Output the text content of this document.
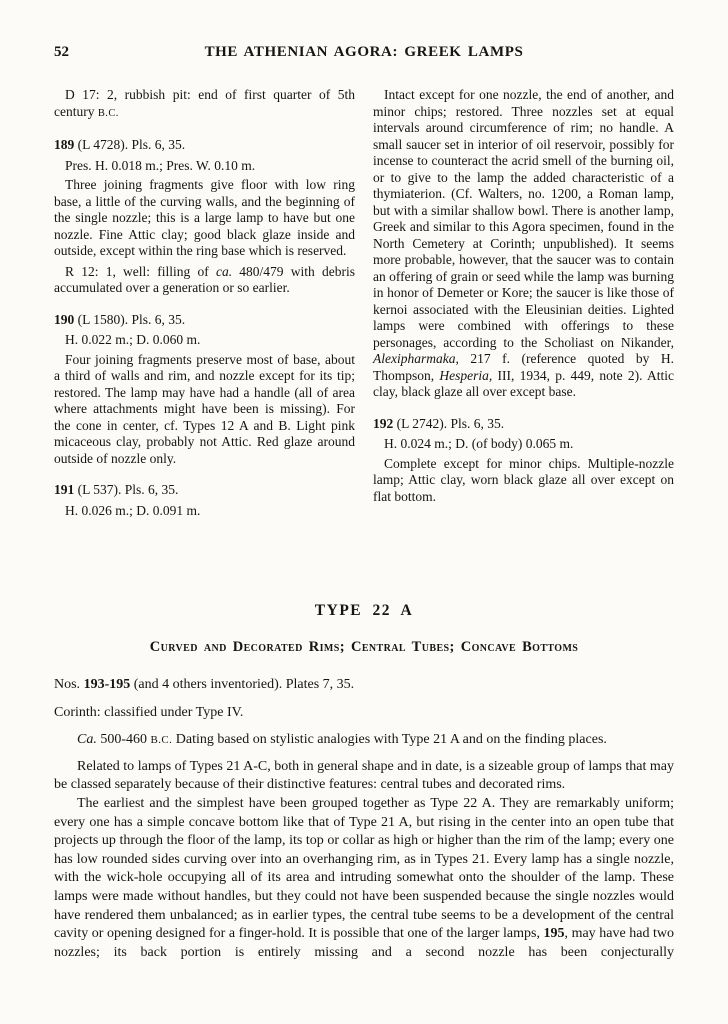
52	THE ATHENIAN AGORA: GREEK LAMPS

D 17: 2, rubbish pit: end of first quarter of 5th century B.C.

189 (L 4728). Pls. 6, 35.

Pres. H. 0.018 m.; Pres. W. 0.10 m.

Three joining fragments give floor with low ring base, a little of the curving walls, and the beginning of the single nozzle; this is a large lamp to have but one nozzle. Fine Attic clay; good black glaze inside and outside, except within the ring base which is reserved.

R 12: 1, well: filling of ca. 480/479 with debris accumulated over a generation or so earlier.

190 (L 1580). Pls. 6, 35.

H. 0.022 m.; D. 0.060 m.

Four joining fragments preserve most of base, about a third of walls and rim, and nozzle except for its tip; restored. The lamp may have had a handle (all of area where attachments might have been is missing). For the cone in center, cf. Types 12 A and B. Light pink micaceous clay, probably not Attic. Red glaze around outside of nozzle only.

191 (L 537). Pls. 6, 35.

H. 0.026 m.; D. 0.091 m.

Intact except for one nozzle, the end of another, and minor chips; restored. Three nozzles set at equal intervals around circumference of rim; no handle. A small saucer set in interior of oil reservoir, possibly for incense to counteract the acrid smell of the burning oil, or to give to the lamp the added characteristic of a thymiaterion. (Cf. Walters, no. 1200, a Roman lamp, but with a similar shallow bowl. There is another lamp, Greek and similar to this Agora specimen, found in the North Cemetery at Corinth; unpublished). It seems more probable, however, that the saucer was to contain an offering of grain or seed while the lamp was burning in honor of Demeter or Kore; the saucer is like those of kernoi associated with the Eleusinian deities. Lighted lamps were combined with offerings to these personages, according to the Scholiast on Nikander, Alexipharmaka, 217 f. (reference quoted by H. Thompson, Hesperia, III, 1934, p. 449, note 2). Attic clay, black glaze all over except base.

192 (L 2742). Pls. 6, 35.

H. 0.024 m.; D. (of body) 0.065 m.

Complete except for minor chips. Multiple-nozzle lamp; Attic clay, worn black glaze all over except on flat bottom.

TYPE 22 A
Curved and Decorated Rims; Central Tubes; Concave Bottoms

Nos. 193-195 (and 4 others inventoried). Plates 7, 35.

Corinth: classified under Type IV.

Ca. 500-460 B.C. Dating based on stylistic analogies with Type 21 A and on the finding places.

Related to lamps of Types 21 A-C, both in general shape and in date, is a sizeable group of lamps that may be classed separately because of their distinctive features: central tubes and decorated rims.

The earliest and the simplest have been grouped together as Type 22 A. They are remarkably uniform; every one has a simple concave bottom like that of Type 21 A, but rising in the center into an open tube that projects up through the floor of the lamp, its top or collar as high or higher than the rim of the lamp; every one has low rounded sides curving over into an overhanging rim, as in Types 21. Every lamp has a single nozzle, with the wick-hole occupying all of its area and intruding somewhat onto the shoulder of the lamp. These lamps were made without handles, but they could not have been suspended because the single nozzles would have rendered them unbalanced; as in earlier types, the central tube seems to be a development of the central cavity or opening designed for a finger-hold. It is possible that one of the larger lamps, 195, may have had two nozzles; its back portion is entirely missing and a second nozzle has been conjecturally
